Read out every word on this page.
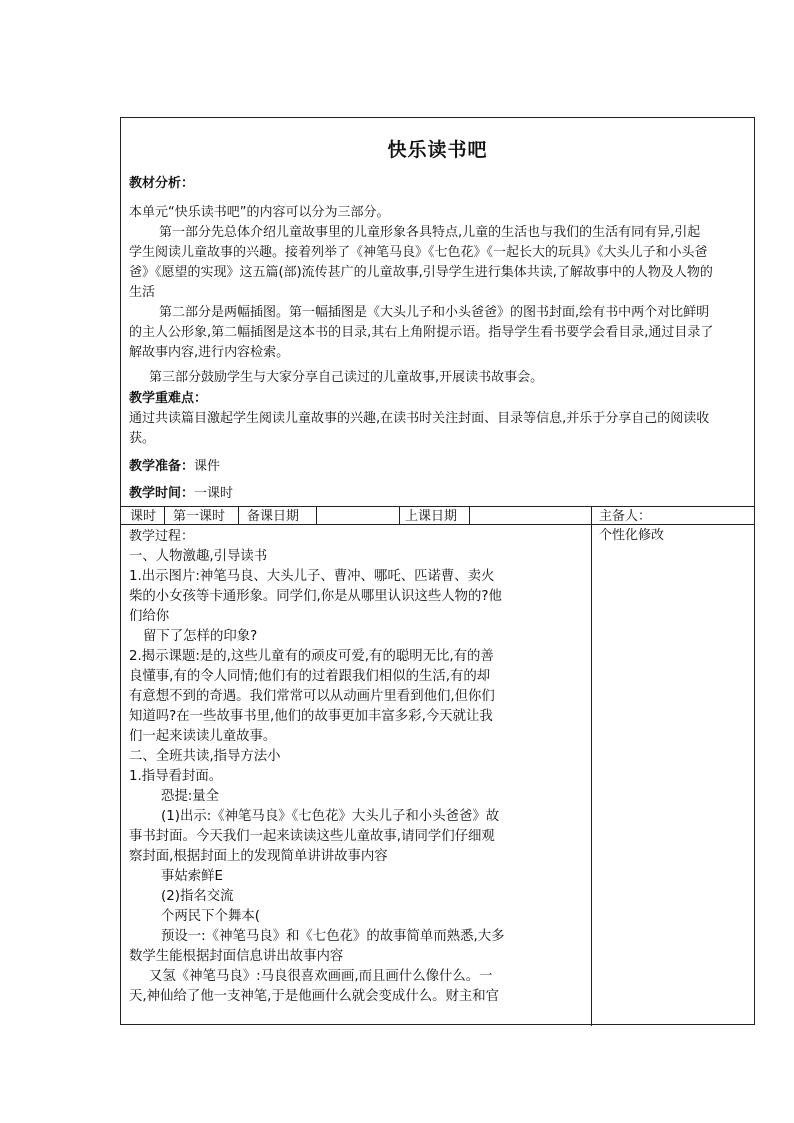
快乐读书吧
教材分析：
本单元“快乐读书吧”的内容可以分为三部分。
第一部分先总体介绍儿童故事里的儿童形象各具特点,儿童的生活也与我们的生活有同有异,引起
学生阅读儿童故事的兴趣。接着列举了《神笔马良》《七色花》《一起长大的玩具》《大头儿子和小头爸
爸》《愿望的实现》这五篇(部)流传甚广的儿童故事,引导学生进行集体共读,了解故事中的人物及人物的
生活
第二部分是两幅插图。第一幅插图是《大头儿子和小头爸爸》的图书封面,绘有书中两个对比鲜明
的主人公形象,第二幅插图是这本书的目录,其右上角附提示语。指导学生看书要学会看目录,通过目录了
解故事内容,进行内容检索。
第三部分鼓励学生与大家分享自己读过的儿童故事,开展读书故事会。
教学重难点：
通过共读篇目激起学生阅读儿童故事的兴趣,在读书时关注封面、目录等信息,并乐于分享自己的阅读收
获。
教学准备：课件
教学时间：一课时
课时 第一课时 备课日期	上课日期	主备人：
个性化修改
教学过程：
一、人物激趣,引导读书
1.出示图片:神笔马良、大头儿子、曹冲、哪吒、匹诺曹、卖火
柴的小女孩等卡通形象。同学们,你是从哪里认识这些人物的?他
们给你
留下了怎样的印象?
2.揭示课题:是的,这些儿童有的顽皮可爱,有的聪明无比,有的善
良懂事,有的令人同情;他们有的过着跟我们相似的生活,有的却
有意想不到的奇遇。我们常常可以从动画片里看到他们,但你们
知道吗?在一些故事书里,他们的故事更加丰富多彩,今天就让我
们一起来读读儿童故事。
二、全班共读,指导方法小
1.指导看封面。
恐提:量全
(1)出示:《神笔马良》《七色花》大头儿子和小头爸爸》故
事书封面。今天我们一起来读读这些儿童故事,请同学们仔细观
察封面,根据封面上的发现简单讲讲故事内容
事姑索鲜E
(2)指名交流
个两民下个舞本(
预设一:《神笔马良》和《七色花》的故事简单而熟悉,大多
数学生能根据封面信息讲出故事内容
又氢《神笔马良》:马良很喜欢画画,而且画什么像什么。一
天,神仙给了他一支神笔,于是他画什么就会变成什么。财主和官
